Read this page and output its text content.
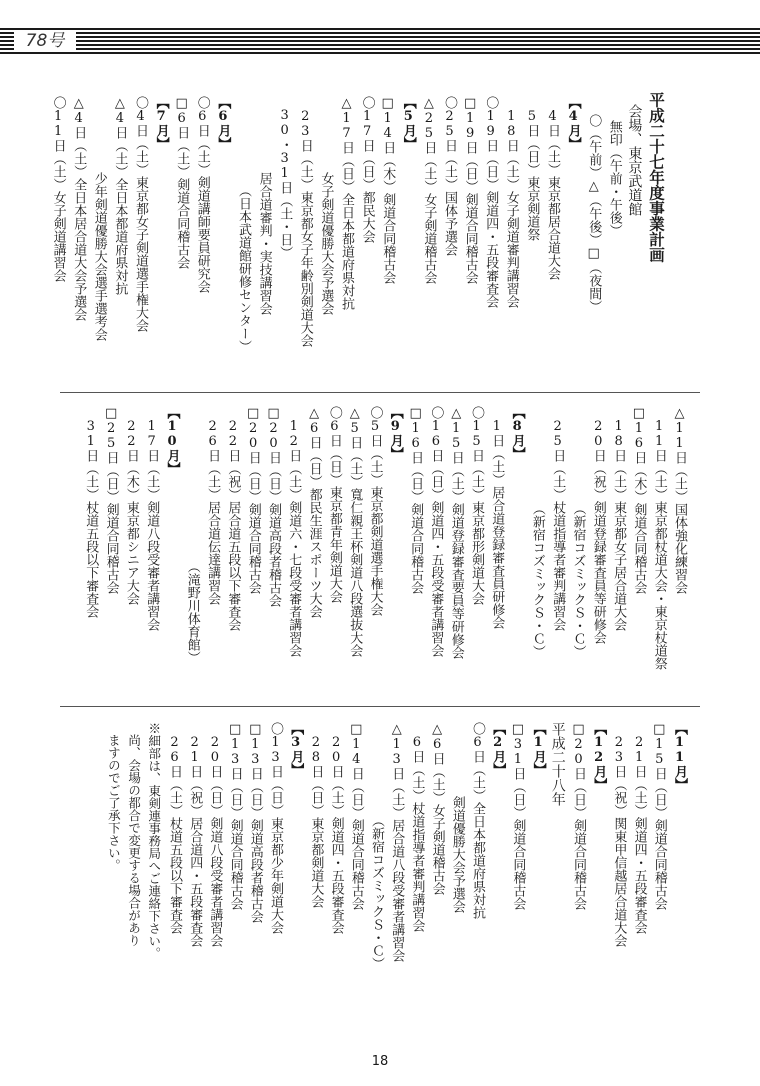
78号
平成二十七年度事業計画
会場、東京武道館
無印（午前・午後）
〇（午前）△（午後）□（夜間）
【4月】
　4日（土）東京都居合道大会
　5日（日）東京剣道祭
　18日（土）女子剣道審判講習会
〇19日（日）剣道四・五段審査会
□19日（日）剣道合同稽古会
〇25日（土）国体予選会
△25日（土）女子剣道稽古会
【5月】
□14日（木）剣道合同稽古会
〇17日（日）都民大会
△17日（日）全日本都道府県対抗
女子剣道優勝大会予選会
　23日（土）東京都女子年齢別剣道大会
30・31日（土・日）
居合道審判・実技講習会
（日本武道館研修センター）
【6月】
〇6日（土）剣道講師要員研究会
□6日（土）剣道合同稽古会
【7月】
〇4日（土）東京都女子剣道選手権大会
△4日（土）全日本都道府県対抗
少年剣道優勝大会選手選考会
△4日（土）全日本居合道大会予選会
〇11日（土）女子剣道講習会
△11日（土）国体強化練習会
　11日（土）東京都杖道大会・東京杖道祭
□16日（木）剣道合同稽古会
　18日（土）東京都女子居合道大会
　20日（祝）剣道登録審査員等研修会
（新宿コズミックＳ・Ｃ）
　25日（土）杖道指導者審判講習会
（新宿コズミックＳ・Ｃ）
【8月】
　1日（土）居合道登録審査員研修会
〇15日（土）東京都形剣道大会
△15日（土）剣道登録審査要員等研修会
〇16日（日）剣道四・五段受審者講習会
□16日（日）剣道合同稽古会
【9月】
〇5日（土）東京都剣道選手権大会
△5日（土）寬仁親王杯剣道八段選抜大会
〇6日（日）東京都青年剣道大会
△6日（日）都民生涯スポーツ大会
　12日（土）剣道六・七段受審者講習会
□20日（日）剣道高段者稽古会
□20日（日）剣道合同稽古会
　22日（祝）居合道五段以下審査会
　26日（土）居合道伝達講習会
（滝野川体育館）
【10月】
　17日（土）剣道八段受審者講習会
　22日（木）東京都シニア大会
□25日（日）剣道合同稽古会
　31日（土）杖道五段以下審査会
【11月】
□15日（日）剣道合同稽古会
　21日（土）剣道四・五段審査会
　23日（祝）関東甲信越居合道大会
【12月】
□20日（日）剣道合同稽古会
平成二十八年
【1月】
□31日（日）剣道合同稽古会
【2月】
〇6日（土）全日本都道府県対抗
剣道優勝大会予選会
△6日（土）女子剣道稽古会
　6日（土）杖道指導者審判講習会
△13日（土）居合道八段受審者講習会
（新宿コズミックＳ・Ｃ）
□14日（日）剣道合同稽古会
　20日（土）剣道四・五段審査会
　28日（日）東京都剣道大会
【3月】
〇13日（日）東京都少年剣道大会
□13日（日）剣道高段者稽古会
□13日（日）剣道合同稽古会
　20日（日）剣道八段受審者講習会
　21日（祝）居合道四・五段審査会
　26日（土）杖道五段以下審査会
※細部は、東剣連事務局へご連絡下さい。
尚、会場の都合で変更する場合があり
ますのでご了承下さい。
18
